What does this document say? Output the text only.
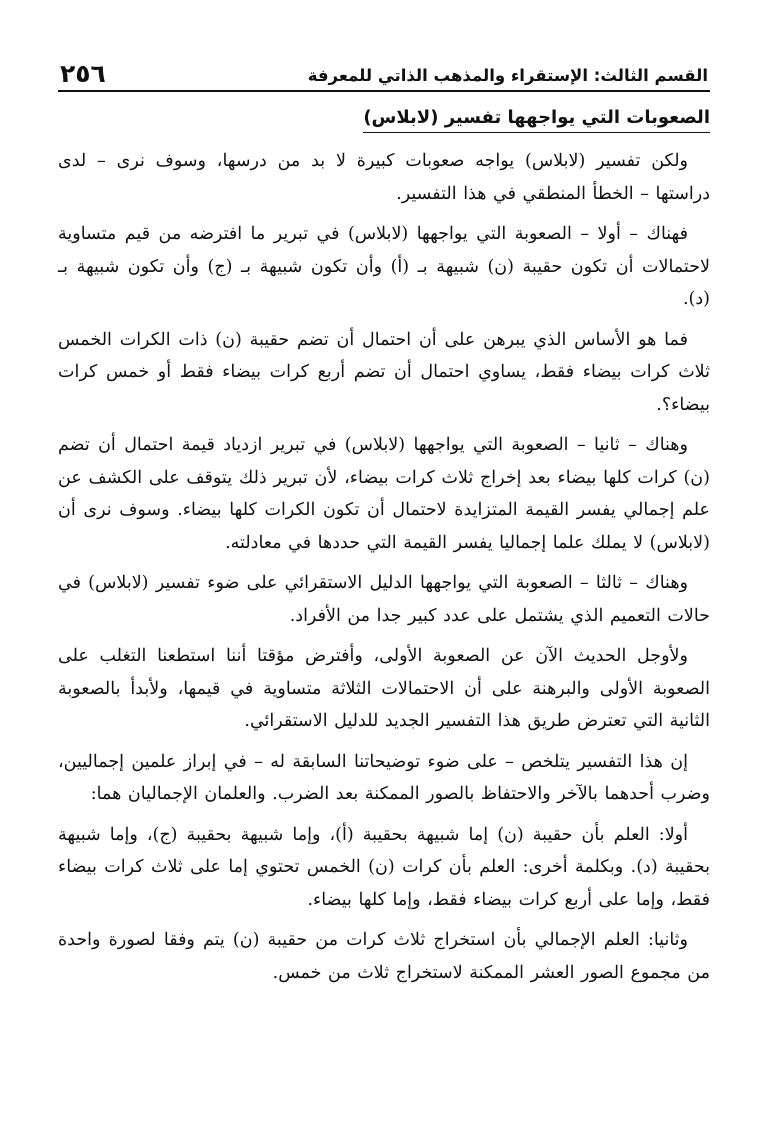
القسم الثالث: الإستقراء والمذهب الذاتي للمعرفة
٢٥٦
الصعوبات التي يواجهها تفسير (لابلاس)

ولكن تفسير (لابلاس) يواجه صعوبات كبيرة لا بد من درسها، وسوف نرى – لدى دراستها – الخطأ المنطقي في هذا التفسير.

فهناك – أولا – الصعوبة التي يواجهها (لابلاس) في تبرير ما افترضه من قيم متساوية لاحتمالات أن تكون حقيبة (ن) شبيهة بـ (أ) وأن تكون شبيهة بـ (ج) وأن تكون شبيهة بـ (د).

فما هو الأساس الذي يبرهن على أن احتمال أن تضم حقيبة (ن) ذات الكرات الخمس ثلاث كرات بيضاء فقط، يساوي احتمال أن تضم أربع كرات بيضاء فقط أو خمس كرات بيضاء؟.

وهناك – ثانيا – الصعوبة التي يواجهها (لابلاس) في تبرير ازدياد قيمة احتمال أن تضم (ن) كرات كلها بيضاء بعد إخراج ثلاث كرات بيضاء، لأن تبرير ذلك يتوقف على الكشف عن علم إجمالي يفسر القيمة المتزايدة لاحتمال أن تكون الكرات كلها بيضاء. وسوف نرى أن (لابلاس) لا يملك علما إجماليا يفسر القيمة التي حددها في معادلته.

وهناك – ثالثا – الصعوبة التي يواجهها الدليل الاستقرائي على ضوء تفسير (لابلاس) في حالات التعميم الذي يشتمل على عدد كبير جدا من الأفراد.

ولأوجل الحديث الآن عن الصعوبة الأولى، وأفترض مؤقتا أننا استطعنا التغلب على الصعوبة الأولى والبرهنة على أن الاحتمالات الثلاثة متساوية في قيمها، ولأبدأ بالصعوبة الثانية التي تعترض طريق هذا التفسير الجديد للدليل الاستقرائي.

إن هذا التفسير يتلخص – على ضوء توضيحاتنا السابقة له – في إبراز علمين إجماليين، وضرب أحدهما بالآخر والاحتفاظ بالصور الممكنة بعد الضرب. والعلمان الإجماليان هما:

أولا: العلم بأن حقيبة (ن) إما شبيهة بحقيبة (أ)، وإما شبيهة بحقيبة (ج)، وإما شبيهة بحقيبة (د). وبكلمة أخرى: العلم بأن كرات (ن) الخمس تحتوي إما على ثلاث كرات بيضاء فقط، وإما على أربع كرات بيضاء فقط، وإما كلها بيضاء.

وثانيا: العلم الإجمالي بأن استخراج ثلاث كرات من حقيبة (ن) يتم وفقا لصورة واحدة من مجموع الصور العشر الممكنة لاستخراج ثلاث من خمس.
